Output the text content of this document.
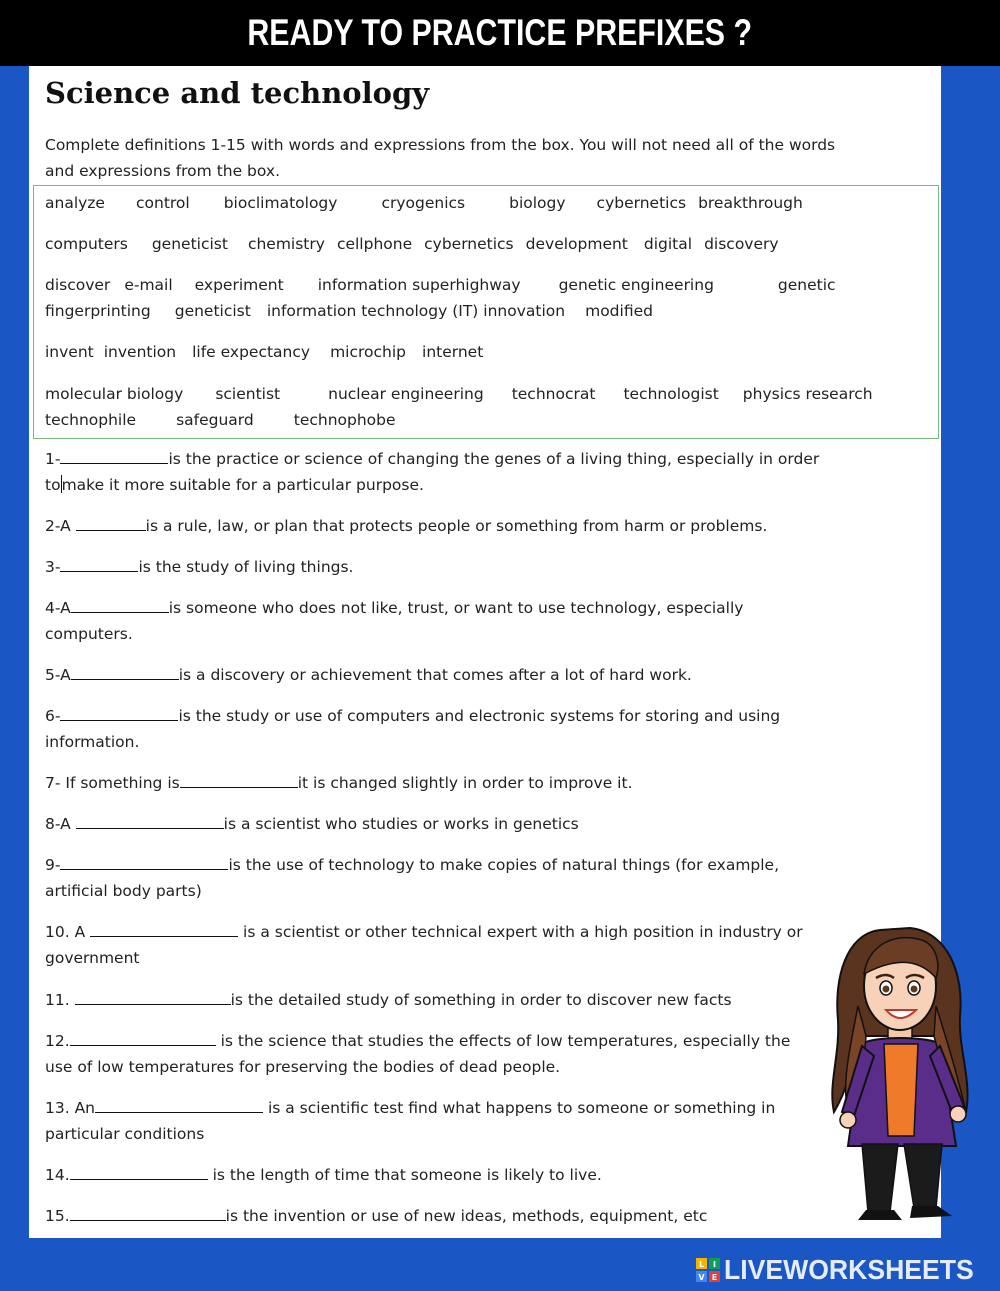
READY TO PRACTICE PREFIXES ?
Science and technology
Complete definitions 1-15 with words and expressions from the box. You will not need all of the words and expressions from the box.
analyze control bioclimatology	cryogenics	biology cybernetics breakthrough
computers geneticist chemistry cellphone cybernetics development digital discovery
discover e-mail experiment information superhighway genetic engineering	genetic
fingerprinting geneticist information technology (IT) innovation modified
invent invention life expectancy microchip internet
molecular biology scientist	nuclear engineering technocrat technologist physics research
technophile	safeguard	technophobe
1-	is the practice or science of changing the genes of a living thing, especially in order
tomake it more suitable for a particular purpose.
2-A	is a rule, law, or plan that protects people or something from harm or problems.
3-	is the study of living things.
4-A	is someone who does not like, trust, or want to use technology, especially
computers.
5-A	is a discovery or achievement that comes after a lot of hard work.
6-	is the study or use of computers and electronic systems for storing and using
information.
7- If something is	it is changed slightly in order to improve it.
8-A	is a scientist who studies or works in genetics
9-	is the use of technology to make copies of natural things (for example,
artificial body parts)
10. A	is a scientist or other technical expert with a high position in industry or
government
11.	is the detailed study of something in order to discover new facts
12.	is the science that studies the effects of low temperatures, especially the
use of low temperatures for preserving the bodies of dead people.
13. An	is a scientific test find what happens to someone or something in
particular conditions
14.	is the length of time that someone is likely to live.
15.	is the invention or use of new ideas, methods, equipment, etc
L I
V E LIVEWORKSHEETS
